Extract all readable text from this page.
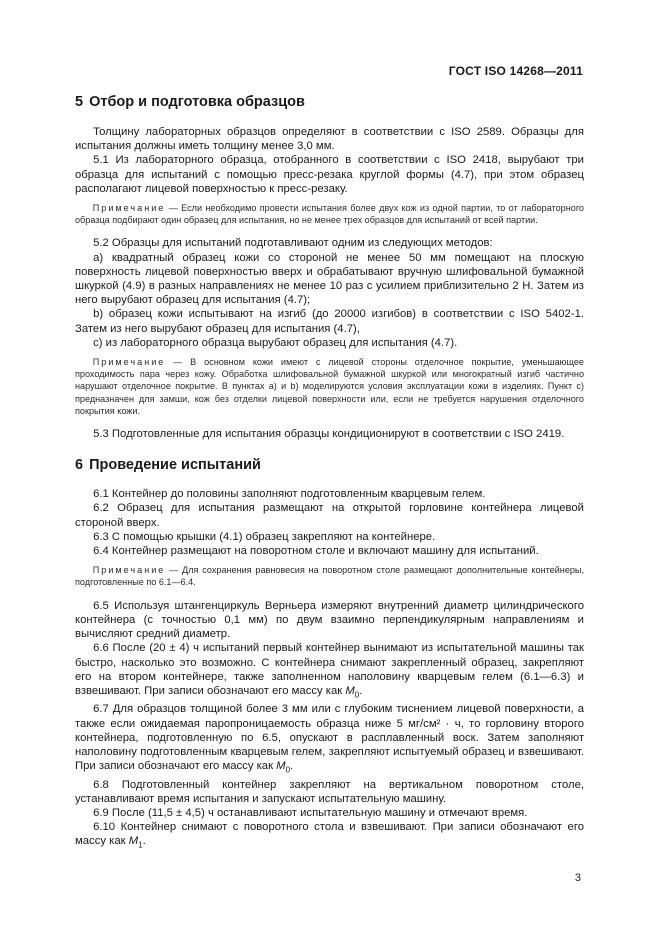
ГОСТ ISO 14268—2011
5 Отбор и подготовка образцов

Толщину лабораторных образцов определяют в соответствии с ISO 2589. Образцы для испытания должны иметь толщину менее 3,0 мм.

5.1 Из лабораторного образца, отобранного в соответствии с ISO 2418, вырубают три образца для испытаний с помощью пресс-резака круглой формы (4.7), при этом образец располагают лицевой поверхностью к пресс-резаку.

Примечание — Если необходимо провести испытания более двух кож из одной партии, то от лабораторного образца подбирают один образец для испытания, но не менее трех образцов для испытаний от всей партии.

5.2 Образцы для испытаний подготавливают одним из следующих методов:

а) квадратный образец кожи со стороной не менее 50 мм помещают на плоскую поверхность лицевой поверхностью вверх и обрабатывают вручную шлифовальной бумажной шкуркой (4.9) в разных направлениях не менее 10 раз с усилием приблизительно 2 Н. Затем из него вырубают образец для испытания (4.7);

b) образец кожи испытывают на изгиб (до 20000 изгибов) в соответствии с ISO 5402-1. Затем из него вырубают образец для испытания (4.7),

с) из лабораторного образца вырубают образец для испытания (4.7).

Примечание — В основном кожи имеют с лицевой стороны отделочное покрытие, уменьшающее проходимость пара через кожу. Обработка шлифовальной бумажной шкуркой или многократный изгиб частично нарушают отделочное покрытие. В пунктах а) и b) моделируются условия эксплуатации кожи в изделиях. Пункт с) предназначен для замши, кож без отделки лицевой поверхности или, если не требуется нарушения отделочного покрытия кожи.

5.3 Подготовленные для испытания образцы кондиционируют в соответствии с ISO 2419.

6 Проведение испытаний

6.1 Контейнер до половины заполняют подготовленным кварцевым гелем.

6.2 Образец для испытания размещают на открытой горловине контейнера лицевой стороной вверх.

6.3 С помощью крышки (4.1) образец закрепляют на контейнере.

6.4 Контейнер размещают на поворотном столе и включают машину для испытаний.

Примечание — Для сохранения равновесия на поворотном столе размещают дополнительные контейнеры, подготовленные по 6.1—6.4.

6.5 Используя штангенциркуль Верньера измеряют внутренний диаметр цилиндрического контейнера (с точностью 0,1 мм) по двум взаимно перпендикулярным направлениям и вычисляют средний диаметр.

6.6 После (20 ± 4) ч испытаний первый контейнер вынимают из испытательной машины так быстро, насколько это возможно. С контейнера снимают закрепленный образец, закрепляют его на втором контейнере, также заполненном наполовину кварцевым гелем (6.1—6.3) и взвешивают. При записи обозначают его массу как $M_0$.

6.7 Для образцов толщиной более 3 мм или с глубоким тиснением лицевой поверхности, а также если ожидаемая паропроницаемость образца ниже 5 мг/см² · ч, то горловину второго контейнера, подготовленную по 6.5, опускают в расплавленный воск. Затем заполняют наполовину подготовленным кварцевым гелем, закрепляют испытуемый образец и взвешивают. При записи обозначают его массу как $M_0$.

6.8 Подготовленный контейнер закрепляют на вертикальном поворотном столе, устанавливают время испытания и запускают испытательную машину.

6.9 После (11,5 ± 4,5) ч останавливают испытательную машину и отмечают время.

6.10 Контейнер снимают с поворотного стола и взвешивают. При записи обозначают его массу как $M_1$.

3
